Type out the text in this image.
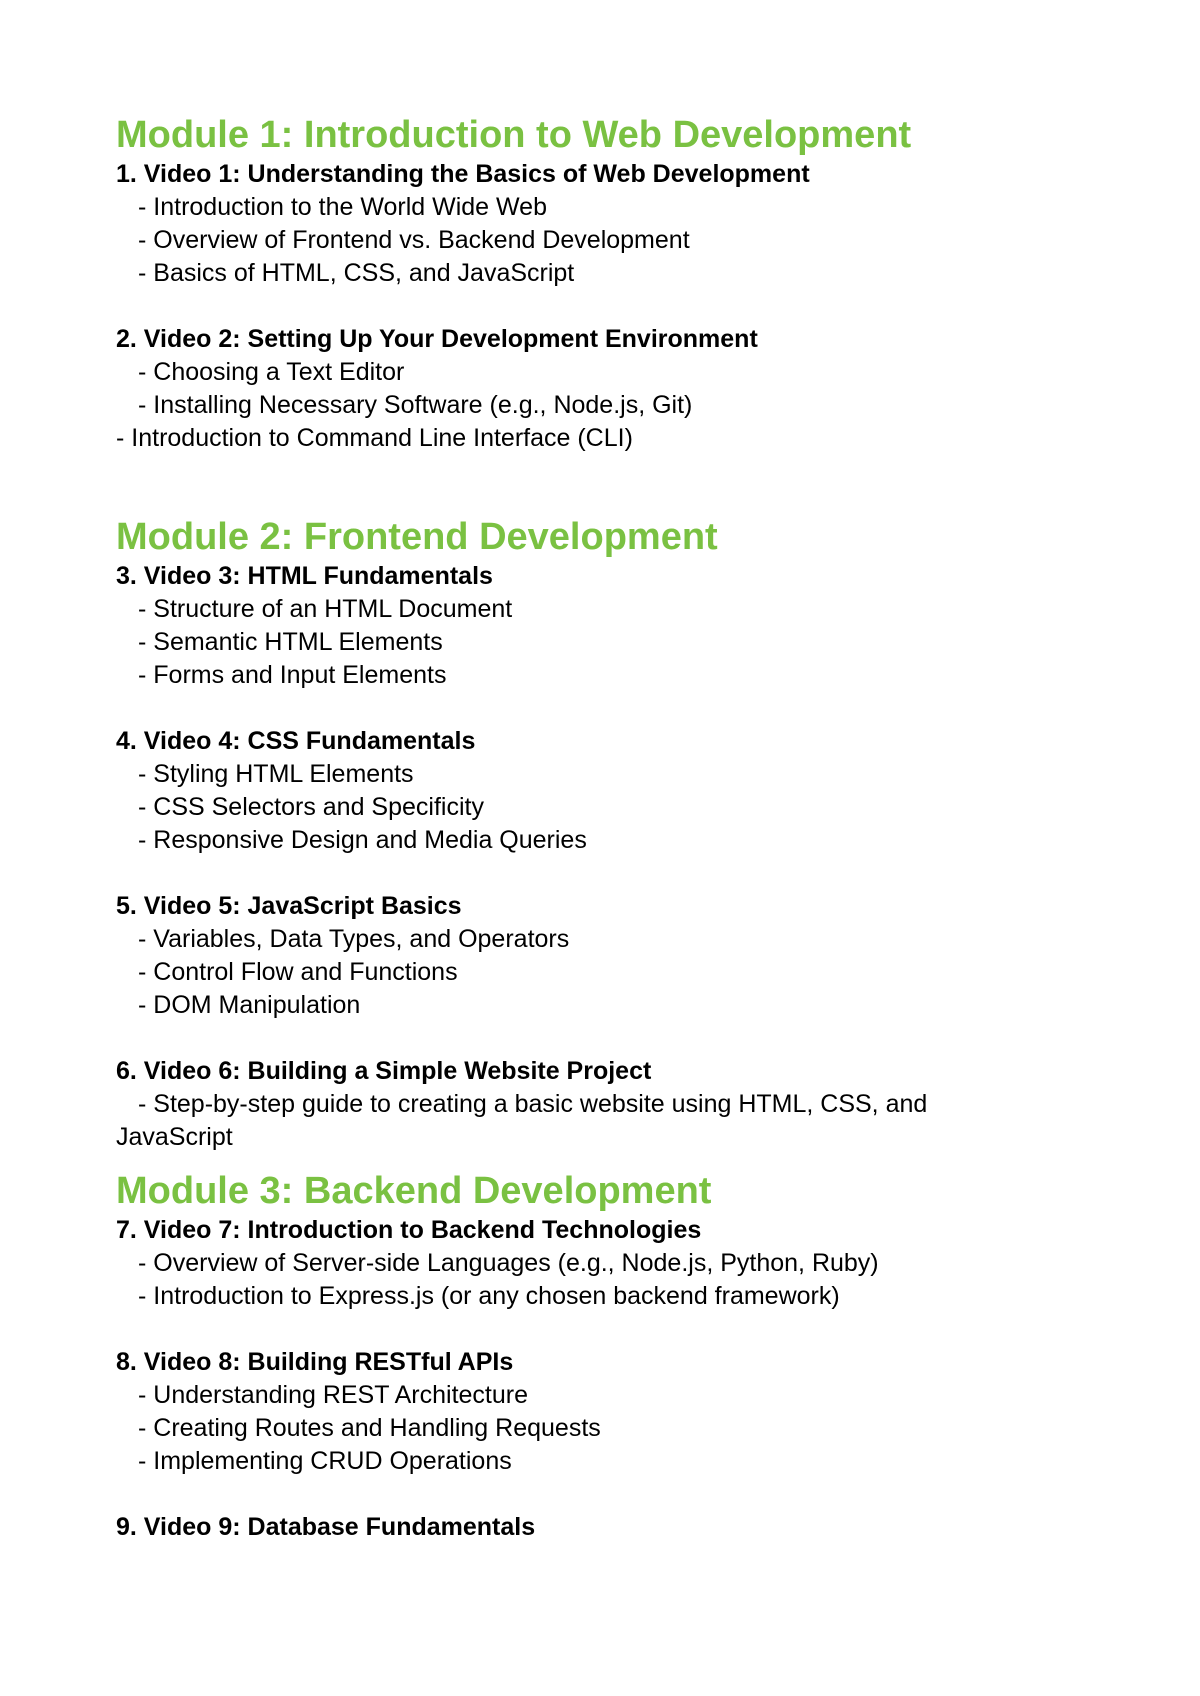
Module 1: Introduction to Web Development

1. Video 1: Understanding the Basics of Web Development

- Introduction to the World Wide Web

- Overview of Frontend vs. Backend Development

- Basics of HTML, CSS, and JavaScript

2. Video 2: Setting Up Your Development Environment

- Choosing a Text Editor

- Installing Necessary Software (e.g., Node.js, Git)

- Introduction to Command Line Interface (CLI)

Module 2: Frontend Development

3. Video 3: HTML Fundamentals

- Structure of an HTML Document

- Semantic HTML Elements

- Forms and Input Elements

4. Video 4: CSS Fundamentals

- Styling HTML Elements

- CSS Selectors and Specificity

- Responsive Design and Media Queries

5. Video 5: JavaScript Basics

- Variables, Data Types, and Operators

- Control Flow and Functions

- DOM Manipulation

6. Video 6: Building a Simple Website Project

- Step-by-step guide to creating a basic website using HTML, CSS, and

JavaScript

Module 3: Backend Development

7. Video 7: Introduction to Backend Technologies

- Overview of Server-side Languages (e.g., Node.js, Python, Ruby)

- Introduction to Express.js (or any chosen backend framework)

8. Video 8: Building RESTful APIs

- Understanding REST Architecture

- Creating Routes and Handling Requests

- Implementing CRUD Operations

9. Video 9: Database Fundamentals
